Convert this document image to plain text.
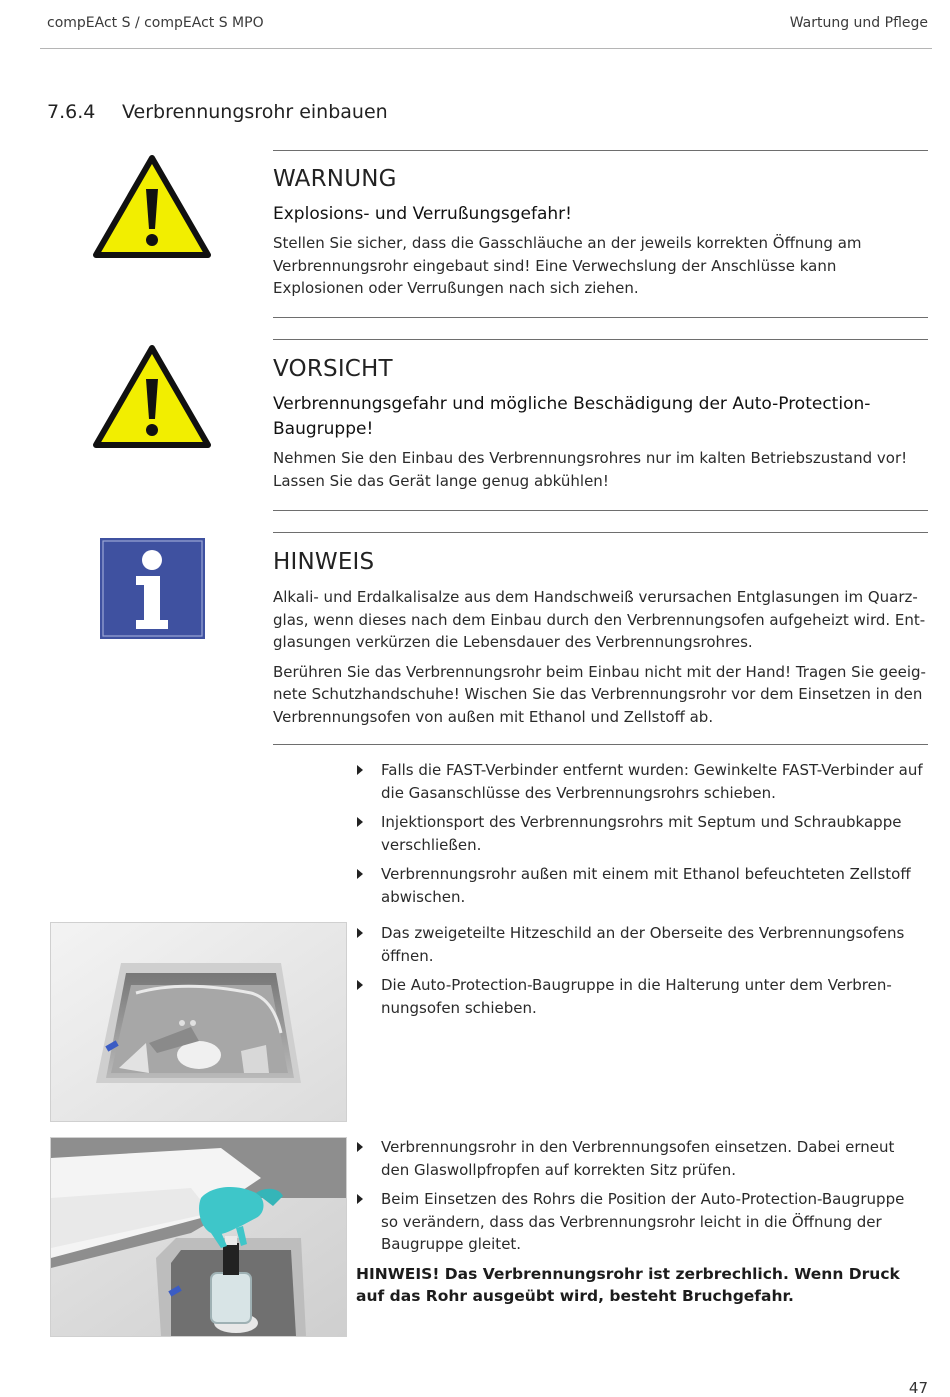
compEAct S / compEAct S MPO	Wartung und Pflege
7.6.4 Verbrennungsrohr einbauen
WARNUNG
Explosions- und Verrußungsgefahr!

Stellen Sie sicher, dass die Gasschläuche an der jeweils korrekten Öffnung am Verbrennungsrohr eingebaut sind! Eine Verwechslung der Anschlüsse kann Explosionen oder Verrußungen nach sich ziehen.

VORSICHT
Verbrennungsgefahr und mögliche Beschädigung der Auto-Protection-Baugruppe!

Nehmen Sie den Einbau des Verbrennungsrohres nur im kalten Betriebszustand vor! Lassen Sie das Gerät lange genug abkühlen!

HINWEIS

Alkali- und Erdalkalisalze aus dem Handschweiß verursachen Entglasungen im Quarzglas, wenn dieses nach dem Einbau durch den Verbrennungsofen aufgeheizt wird. Entglasungen verkürzen die Lebensdauer des Verbrennungsrohres.

Berühren Sie das Verbrennungsrohr beim Einbau nicht mit der Hand! Tragen Sie geeignete Schutzhandschuhe! Wischen Sie das Verbrennungsrohr vor dem Einsetzen in den Verbrennungsofen von außen mit Ethanol und Zellstoff ab.

Falls die FAST-Verbinder entfernt wurden: Gewinkelte FAST-Verbinder auf die Gasanschlüsse des Verbrennungsrohrs schieben.
Injektionsport des Verbrennungsrohrs mit Septum und Schraubkappe verschließen.
Verbrennungsrohr außen mit einem mit Ethanol befeuchteten Zellstoff abwischen.
Das zweigeteilte Hitzeschild an der Oberseite des Verbrennungsofens öffnen.
Die Auto-Protection-Baugruppe in die Halterung unter dem Verbrennungsofen schieben.
Verbrennungsrohr in den Verbrennungsofen einsetzen. Dabei erneut den Glaswollpfropfen auf korrekten Sitz prüfen.
Beim Einsetzen des Rohrs die Position der Auto-Protection-Baugruppe so verändern, dass das Verbrennungsrohr leicht in die Öffnung der Baugruppe gleitet.
HINWEIS! Das Verbrennungsrohr ist zerbrechlich. Wenn Druck auf das Rohr ausgeübt wird, besteht Bruchgefahr.
47
